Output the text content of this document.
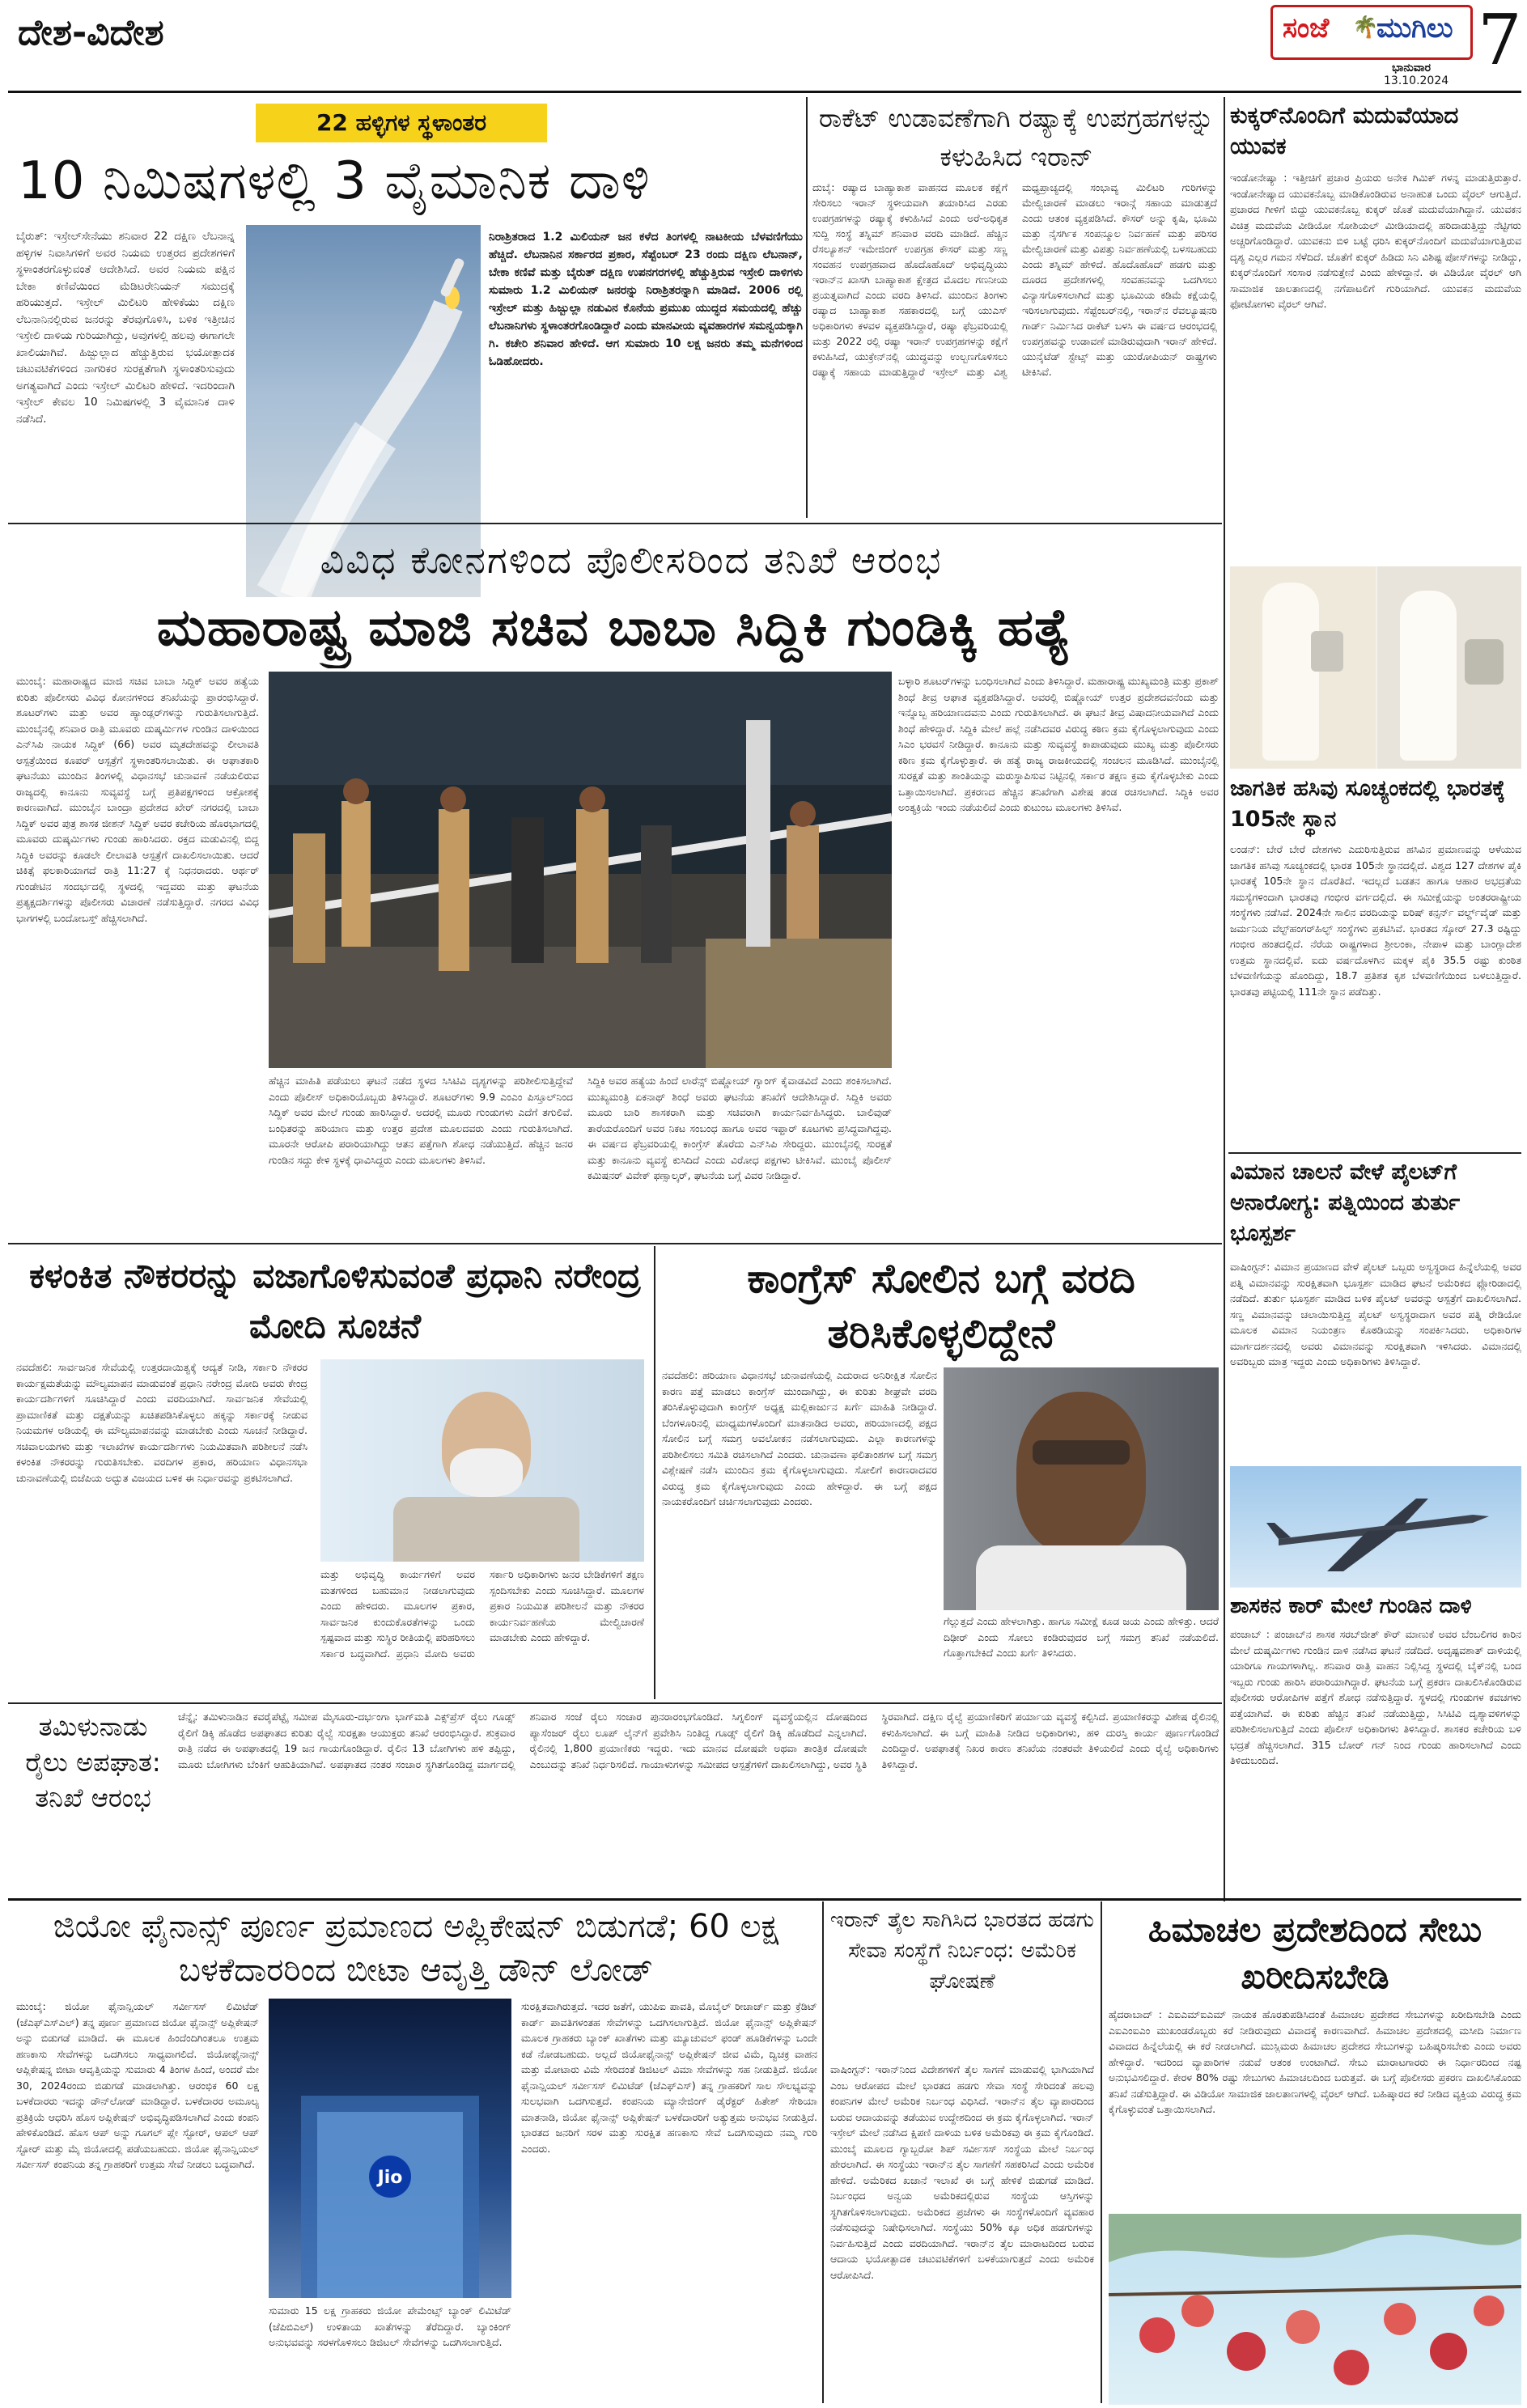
ದೇಶ-ವಿದೇಶ	ಸಂಜೆ 🌴
ಮುಗಿಲು
ಭಾನುವಾರ
13.10.2024 7
22 ಹಳ್ಳಿಗಳ ಸ್ಥಳಾಂತರ
10 ನಿಮಿಷಗಳಲ್ಲಿ 3 ವೈಮಾನಿಕ ದಾಳಿ
ಬೈರುತ್: ಇಸ್ರೇಲ್‌ಸೇನೆಯು ಶನಿವಾರ 22 ದಕ್ಷಿಣ ಲೆಬನಾನ್ನ ಹಳ್ಳಿಗಳ ನಿವಾಸಿಗಳಿಗೆ ಅವರ ನಿಯಮ ಉತ್ತರದ ಪ್ರದೇಶಗಳಿಗೆ ಸ್ಥಳಾಂತರಗೊಳ್ಳುವಂತೆ ಆದೇಶಿಸಿದೆ. ಅವರ ನಿಯಮ ಪಕ್ಷಿನ ಬೇಕಾ ಕಣಿವೆಯಿಂದ ಮೆಡಿಟರೇನಿಯನ್ ಸಮುದ್ರಕ್ಕೆ ಹರಿಯುತ್ತದೆ. ಇಸ್ರೇಲ್ ಮಿಲಿಟರಿ ಹೇಳಿಕೆಯು ದಕ್ಷಿಣ ಲೆಬನಾನಿನಲ್ಲಿರುವ ಜನರನ್ನು ತೆರವುಗೊಳಿಸಿ, ಬಳಿಕ ಇತ್ತೀಚಿನ ಇಸ್ರೇಲಿ ದಾಳಿಯ ಗುರಿಯಾಗಿದ್ದು, ಅವುಗಳಲ್ಲಿ ಹಲವು ಈಗಾಗಲೇ ಖಾಲಿಯಾಗಿವೆ. ಹಿಜ್ಬುಲ್ಲಾದ ಹೆಚ್ಚುತ್ತಿರುವ ಭಯೋತ್ಪಾದಕ ಚಟುವಟಿಕೆಗಳಿಂದ ನಾಗರಿಕರ ಸುರಕ್ಷತೆಗಾಗಿ ಸ್ಥಳಾಂತರಿಸುವುದು ಅಗತ್ಯವಾಗಿದೆ ಎಂದು ಇಸ್ರೇಲ್ ಮಿಲಿಟರಿ ಹೇಳಿದೆ. ಇದರಿಂದಾಗಿ ಇಸ್ರೇಲ್ ಕೇವಲ 10 ನಿಮಿಷಗಳಲ್ಲಿ 3 ವೈಮಾನಿಕ ದಾಳಿ ನಡೆಸಿದೆ.
ನಿರಾಶ್ರಿತರಾದ 1.2 ಮಿಲಿಯನ್ ಜನ ಕಳೆದ ತಿಂಗಳಲ್ಲಿ ನಾಟಕೀಯ ಬೆಳವಣಿಗೆಯು ಹೆಚ್ಚಿದೆ. ಲೆಬನಾನಿನ ಸರ್ಕಾರದ ಪ್ರಕಾರ, ಸೆಪ್ಟೆಂಬರ್ 23 ರಂದು ದಕ್ಷಿಣ ಲೆಬನಾನ್, ಬೇಕಾ ಕಣಿವೆ ಮತ್ತು ಬೈರುತ್ ದಕ್ಷಿಣ ಉಪನಗರಗಳಲ್ಲಿ ಹೆಚ್ಚುತ್ತಿರುವ ಇಸ್ರೇಲಿ ದಾಳಿಗಳು ಸುಮಾರು 1.2 ಮಿಲಿಯನ್ ಜನರನ್ನು ನಿರಾಶ್ರಿತರನ್ನಾಗಿ ಮಾಡಿದೆ. 2006 ರಲ್ಲಿ ಇಸ್ರೇಲ್ ಮತ್ತು ಹಿಜ್ಬುಲ್ಲಾ ನಡುವಿನ ಕೊನೆಯ ಪ್ರಮುಖ ಯುದ್ಧದ ಸಮಯದಲ್ಲಿ ಹೆಚ್ಚು ಲೆಬನಾನಿಗಳು ಸ್ಥಳಾಂತರಗೊಂಡಿದ್ದಾರೆ ಎಂದು ಮಾನವೀಯ ವ್ಯವಹಾರಗಳ ಸಮನ್ವಯಕ್ಕಾಗಿ ಗಿ. ಕಚೇರಿ ಶನಿವಾರ ಹೇಳಿದೆ. ಆಗ ಸುಮಾರು 10 ಲಕ್ಷ ಜನರು ತಮ್ಮ ಮನೆಗಳಿಂದ ಓಡಿಹೋದರು.
ರಾಕೆಟ್ ಉಡಾವಣೆಗಾಗಿ ರಷ್ಯಾಕ್ಕೆ ಉಪಗ್ರಹಗಳನ್ನು ಕಳುಹಿಸಿದ ಇರಾನ್
ದುಬೈ: ರಷ್ಯಾದ ಬಾಹ್ಯಾಕಾಶ ವಾಹನದ ಮೂಲಕ ಕಕ್ಷೆಗೆ ಸೇರಿಸಲು ಇರಾನ್ ಸ್ಥಳೀಯವಾಗಿ ತಯಾರಿಸಿದ ಎರಡು ಉಪಗ್ರಹಗಳನ್ನು ರಷ್ಯಾಕ್ಕೆ ಕಳುಹಿಸಿದೆ ಎಂದು ಅರೆ-ಅಧಿಕೃತ ಸುದ್ದಿ ಸಂಸ್ಥೆ ತಸ್ನಿಮ್ ಶನಿವಾರ ವರದಿ ಮಾಡಿದೆ. ಹೆಚ್ಚಿನ ರೆಸಲ್ಯೂಶನ್ ಇಮೇಜಿಂಗ್ ಉಪಗ್ರಹ ಕೌಸರ್ ಮತ್ತು ಸಣ್ಣ ಸಂವಹನ ಉಪಗ್ರಹವಾದ ಹೊದೊಹೊದ್ ಅಭಿವೃದ್ಧಿಯು ಇರಾನ್‌ನ ಖಾಸಗಿ ಬಾಹ್ಯಾಕಾಶ ಕ್ಷೇತ್ರದ ಮೊದಲ ಗಣನೀಯ ಪ್ರಯತ್ನವಾಗಿದೆ ಎಂದು ವರದಿ ತಿಳಿಸಿದೆ. ಮುಂದಿನ ತಿಂಗಳು ರಷ್ಯಾದ ಬಾಹ್ಯಾಕಾಶ ಸಹಕಾರದಲ್ಲಿ ಬಗ್ಗೆ ಯುಎಸ್ ಅಧಿಕಾರಿಗಳು ಕಳವಳ ವ್ಯಕ್ತಪಡಿಸಿದ್ದಾರೆ, ರಷ್ಯಾ ಫೆಬ್ರವರಿಯಲ್ಲಿ ಮತ್ತು 2022 ರಲ್ಲಿ ರಷ್ಯಾ ಇರಾನ್ ಉಪಗ್ರಹಗಳನ್ನು ಕಕ್ಷೆಗೆ ಕಳುಹಿಸಿದೆ, ಯುಕ್ರೇನ್‌ನಲ್ಲಿ ಯುದ್ಧವನ್ನು ಉಲ್ಬಣಗೊಳಿಸಲು ರಷ್ಯಾಕ್ಕೆ ಸಹಾಯ ಮಾಡುತ್ತಿದ್ದಾರೆ ಇಸ್ರೇಲ್ ಮತ್ತು ವಿಶ್ವ ಮಧ್ಯಪ್ರಾಚ್ಯದಲ್ಲಿ ಸಂಭಾವ್ಯ ಮಿಲಿಟರಿ ಗುರಿಗಳನ್ನು ಮೇಲ್ವಿಚಾರಣೆ ಮಾಡಲು ಇರಾನ್ಗೆ ಸಹಾಯ ಮಾಡುತ್ತದೆ ಎಂದು ಆತಂಕ ವ್ಯಕ್ತಪಡಿಸಿದೆ. ಕೌಸರ್ ಅನ್ನು ಕೃಷಿ, ಭೂಮಿ ಮತ್ತು ನೈಸರ್ಗಿಕ ಸಂಪನ್ಮೂಲ ನಿರ್ವಹಣೆ ಮತ್ತು ಪರಿಸರ ಮೇಲ್ವಿಚಾರಣೆ ಮತ್ತು ವಿಪತ್ತು ನಿರ್ವಹಣೆಯಲ್ಲಿ ಬಳಸಬಹುದು ಎಂದು ತಸ್ನಿಮ್ ಹೇಳಿದೆ. ಹೊದೊಹೊದ್ ಹಡಗು ಮತ್ತು ದೂರದ ಪ್ರದೇಶಗಳಲ್ಲಿ ಸಂವಹನವನ್ನು ಒದಗಿಸಲು ವಿನ್ಯಾಸಗೊಳಿಸಲಾಗಿದೆ ಮತ್ತು ಭೂಮಿಯ ಕಡಿಮೆ ಕಕ್ಷೆಯಲ್ಲಿ ಇರಿಸಲಾಗುವುದು. ಸೆಪ್ಟೆಂಬರ್‌ನಲ್ಲಿ, ಇರಾನ್‌ನ ರೆವಲ್ಯೂಷನರಿ ಗಾರ್ಡ್ ನಿರ್ಮಿಸಿದ ರಾಕೆಟ್ ಬಳಸಿ ಈ ವರ್ಷದ ಆರಂಭದಲ್ಲಿ ಉಪಗ್ರಹವನ್ನು ಉಡಾವಣೆ ಮಾಡಿರುವುದಾಗಿ ಇರಾನ್ ಹೇಳಿದೆ. ಯುನೈಟೆಡ್ ಸ್ಟೇಟ್ಸ್ ಮತ್ತು ಯುರೋಪಿಯನ್ ರಾಷ್ಟ್ರಗಳು ಟೀಕಿಸಿವೆ.
ಕುಕ್ಕರ್‌ನೊಂದಿಗೆ ಮದುವೆಯಾದ ಯುವಕ
ಇಂಡೋನೇಷ್ಯಾ : ಇತ್ತೀಚಿಗೆ ಪ್ರಚಾರ ಪ್ರಿಯರು ಅನೇಕ ಗಿಮಿಕ್ ಗಳನ್ನ ಮಾಡುತ್ತಿರುತ್ತಾರೆ. ಇಂಡೋನೇಷ್ಯಾದ ಯುವಕನೊಬ್ಬ ಮಾಡಿಕೊಂಡಿರುವ ಅನಾಹುತ ಒಂದು ವೈರಲ್ ಆಗುತ್ತಿದೆ. ಪ್ರಚಾರದ ಗೀಳಿಗೆ ಬಿದ್ದು ಯುವಕನೊಬ್ಬ ಕುಕ್ಕರ್ ಜೊತೆ ಮದುವೆಯಾಗಿದ್ದಾನೆ. ಯುವಕನ ವಿಚಿತ್ರ ಮದುವೆಯ ವೀಡಿಯೋ ಸೋಶಿಯಲ್ ಮೀಡಿಯಾದಲ್ಲಿ ಹರಿದಾಡುತ್ತಿದ್ದು ನೆಟ್ಟಿಗರು ಅಚ್ಚರಿಗೊಂಡಿದ್ದಾರೆ. ಯುವಕನು ಬಿಳಿ ಬಟ್ಟೆ ಧರಿಸಿ ಕುಕ್ಕರ್‌ನೊಂದಿಗೆ ಮದುವೆಯಾಗುತ್ತಿರುವ ದೃಶ್ಯ ಎಲ್ಲರ ಗಮನ ಸೆಳೆದಿದೆ. ಜೊತೆಗೆ ಕುಕ್ಕರ್ ಹಿಡಿದು ಸಿನಿ ವಿಶಿಷ್ಟ ಪೋಸ್‌ಗಳನ್ನು ನೀಡಿದ್ದು, ಕುಕ್ಕರ್‌ನೊಂದಿಗೆ ಸಂಸಾರ ನಡೆಸುತ್ತೇನೆ ಎಂದು ಹೇಳಿದ್ದಾನೆ. ಈ ವಿಡಿಯೋ ವೈರಲ್ ಆಗಿ ಸಾಮಾಜಿಕ ಜಾಲತಾಣದಲ್ಲಿ ನಗೆಪಾಟಲಿಗೆ ಗುರಿಯಾಗಿದೆ. ಯುವಕನ ಮದುವೆಯ ಫೋಟೋಗಳು ವೈರಲ್ ಆಗಿವೆ.
ಜಾಗತಿಕ ಹಸಿವು ಸೂಚ್ಯಂಕದಲ್ಲಿ ಭಾರತಕ್ಕೆ 105ನೇ ಸ್ಥಾನ
ಲಂಡನ್: ಬೇರೆ ಬೇರೆ ದೇಶಗಳು ಎದುರಿಸುತ್ತಿರುವ ಹಸಿವಿನ ಪ್ರಮಾಣವನ್ನು ಆಳೆಯುವ ಜಾಗತಿಕ ಹಸಿವು ಸೂಚ್ಯಂಕದಲ್ಲಿ ಭಾರತ 105ನೇ ಸ್ಥಾನದಲ್ಲಿದೆ. ವಿಶ್ವದ 127 ದೇಶಗಳ ಪೈಕಿ ಭಾರತಕ್ಕೆ 105ನೇ ಸ್ಥಾನ ದೊರೆತಿದೆ. ಇದಲ್ಲದೆ ಬಡತನ ಹಾಗೂ ಆಹಾರ ಅಭದ್ರತೆಯ ಸಮಸ್ಯೆಗಳಿಂದಾಗಿ ಭಾರತವು ಗಂಭೀರ ವರ್ಗದಲ್ಲಿದೆ. ಈ ಸಮೀಕ್ಷೆಯನ್ನು ಅಂತರರಾಷ್ಟ್ರೀಯ ಸಂಸ್ಥೆಗಳು ನಡೆಸಿವೆ. 2024ನೇ ಸಾಲಿನ ವರದಿಯನ್ನು ಐರಿಷ್ ಕನ್ಸರ್ನ್ ವರ್ಲ್ಡ್‌ವೈಡ್ ಮತ್ತು ಜರ್ಮನಿಯ ವೆಲ್ಟ್‌ಹಂಗರ್‌ಹಿಲ್ಫ್ ಸಂಸ್ಥೆಗಳು ಪ್ರಕಟಿಸಿವೆ. ಭಾರತದ ಸ್ಕೋರ್ 27.3 ರಷ್ಟಿದ್ದು ಗಂಭೀರ ಹಂತದಲ್ಲಿದೆ. ನೆರೆಯ ರಾಷ್ಟ್ರಗಳಾದ ಶ್ರೀಲಂಕಾ, ನೇಪಾಳ ಮತ್ತು ಬಾಂಗ್ಲಾದೇಶ ಉತ್ತಮ ಸ್ಥಾನದಲ್ಲಿವೆ. ಐದು ವರ್ಷದೊಳಗಿನ ಮಕ್ಕಳ ಪೈಕಿ 35.5 ರಷ್ಟು ಕುಂಠಿತ ಬೆಳವಣಿಗೆಯನ್ನು ಹೊಂದಿದ್ದು, 18.7 ಪ್ರತಿಶತ ಕೃಶ ಬೆಳವಣಿಗೆಯಿಂದ ಬಳಲುತ್ತಿದ್ದಾರೆ. ಭಾರತವು ಪಟ್ಟಿಯಲ್ಲಿ 111ನೇ ಸ್ಥಾನ ಪಡೆದಿತ್ತು.
ವಿಮಾನ ಚಾಲನೆ ವೇಳೆ ಪೈಲಟ್‌ಗೆ ಅನಾರೋಗ್ಯ: ಪತ್ನಿಯಿಂದ ತುರ್ತು ಭೂಸ್ಪರ್ಶ
ವಾಷಿಂಗ್ಟನ್: ವಿಮಾನ ಪ್ರಯಾಣದ ವೇಳೆ ಪೈಲಟ್ ಒಬ್ಬರು ಅಸ್ವಸ್ಥರಾದ ಹಿನ್ನೆಲೆಯಲ್ಲಿ ಅವರ ಪತ್ನಿ ವಿಮಾನವನ್ನು ಸುರಕ್ಷಿತವಾಗಿ ಭೂಸ್ಪರ್ಶ ಮಾಡಿದ ಘಟನೆ ಅಮೆರಿಕದ ಫ್ಲೋರಿಡಾದಲ್ಲಿ ನಡೆದಿದೆ. ತುರ್ತು ಭೂಸ್ಪರ್ಶ ಮಾಡಿದ ಬಳಿಕ ಪೈಲಟ್ ಅವರನ್ನು ಆಸ್ಪತ್ರೆಗೆ ದಾಖಲಿಸಲಾಗಿದೆ. ಸಣ್ಣ ವಿಮಾನವನ್ನು ಚಲಾಯಿಸುತ್ತಿದ್ದ ಪೈಲಟ್ ಅಸ್ವಸ್ಥರಾದಾಗ ಅವರ ಪತ್ನಿ ರೇಡಿಯೋ ಮೂಲಕ ವಿಮಾನ ನಿಯಂತ್ರಣ ಕೊಠಡಿಯನ್ನು ಸಂಪರ್ಕಿಸಿದರು. ಅಧಿಕಾರಿಗಳ ಮಾರ್ಗದರ್ಶನದಲ್ಲಿ ಅವರು ವಿಮಾನವನ್ನು ಸುರಕ್ಷಿತವಾಗಿ ಇಳಿಸಿದರು. ವಿಮಾನದಲ್ಲಿ ಅವರಿಬ್ಬರು ಮಾತ್ರ ಇದ್ದರು ಎಂದು ಅಧಿಕಾರಿಗಳು ತಿಳಿಸಿದ್ದಾರೆ.
ಶಾಸಕನ ಕಾರ್ ಮೇಲೆ ಗುಂಡಿನ ದಾಳಿ
ಪಂಜಾಬ್ : ಪಂಜಾಬ್‌ನ ಶಾಸಕ ಸರಬ್‌ಜೀತ್ ಕೌರ್ ಮಾಣುಕೆ ಅವರ ಬೆಂಬಲಿಗರ ಕಾರಿನ ಮೇಲೆ ದುಷ್ಕರ್ಮಿಗಳು ಗುಂಡಿನ ದಾಳಿ ನಡೆಸಿದ ಘಟನೆ ನಡೆದಿದೆ. ಅದೃಷ್ಟವಶಾತ್ ದಾಳಿಯಲ್ಲಿ ಯಾರಿಗೂ ಗಾಯಗಳಾಗಿಲ್ಲ. ಶನಿವಾರ ರಾತ್ರಿ ವಾಹನ ನಿಲ್ಲಿಸಿದ್ದ ಸ್ಥಳದಲ್ಲಿ ಬೈಕ್‌ನಲ್ಲಿ ಬಂದ ಇಬ್ಬರು ಗುಂಡು ಹಾರಿಸಿ ಪರಾರಿಯಾಗಿದ್ದಾರೆ. ಘಟನೆಯ ಬಗ್ಗೆ ಪ್ರಕರಣ ದಾಖಲಿಸಿಕೊಂಡಿರುವ ಪೊಲೀಸರು ಆರೋಪಿಗಳ ಪತ್ತೆಗೆ ಶೋಧ ನಡೆಸುತ್ತಿದ್ದಾರೆ. ಸ್ಥಳದಲ್ಲಿ ಗುಂಡುಗಳ ಕವಚಗಳು ಪತ್ತೆಯಾಗಿವೆ. ಈ ಕುರಿತು ಹೆಚ್ಚಿನ ತನಿಖೆ ನಡೆಯುತ್ತಿದ್ದು, ಸಿಸಿಟಿವಿ ದೃಶ್ಯಾವಳಿಗಳನ್ನು ಪರಿಶೀಲಿಸಲಾಗುತ್ತಿದೆ ಎಂದು ಪೊಲೀಸ್ ಅಧಿಕಾರಿಗಳು ತಿಳಿಸಿದ್ದಾರೆ. ಶಾಸಕರ ಕಚೇರಿಯ ಬಳಿ ಭದ್ರತೆ ಹೆಚ್ಚಿಸಲಾಗಿದೆ. 315 ಬೋರ್ ಗನ್ ನಿಂದ ಗುಂಡು ಹಾರಿಸಲಾಗಿದೆ ಎಂದು ತಿಳಿದುಬಂದಿದೆ.
ವಿವಿಧ ಕೋನಗಳಿಂದ ಪೊಲೀಸರಿಂದ ತನಿಖೆ ಆರಂಭ
ಮಹಾರಾಷ್ಟ್ರ ಮಾಜಿ ಸಚಿವ ಬಾಬಾ ಸಿದ್ದಿಕಿ ಗುಂಡಿಕ್ಕಿ ಹತ್ಯೆ
ಮುಂಬೈ: ಮಹಾರಾಷ್ಟ್ರದ ಮಾಜಿ ಸಚಿವ ಬಾಬಾ ಸಿದ್ದಿಕ್ ಅವರ ಹತ್ಯೆಯ ಕುರಿತು ಪೊಲೀಸರು ವಿವಿಧ ಕೋನಗಳಿಂದ ತನಿಖೆಯನ್ನು ಪ್ರಾರಂಭಿಸಿದ್ದಾರೆ. ಶೂಟರ್‌ಗಳು ಮತ್ತು ಅವರ ಹ್ಯಾಂಡ್ಲರ್‌ಗಳನ್ನು ಗುರುತಿಸಲಾಗುತ್ತಿದೆ. ಮುಂಬೈನಲ್ಲಿ ಶನಿವಾರ ರಾತ್ರಿ ಮೂವರು ದುಷ್ಕರ್ಮಿಗಳ ಗುಂಡಿನ ದಾಳಿಯಿಂದ ಎನ್‌ಸಿಪಿ ನಾಯಕ ಸಿದ್ದಿಕ್ (66) ಅವರ ಮೃತದೇಹವನ್ನು ಲೀಲಾವತಿ ಆಸ್ಪತ್ರೆಯಿಂದ ಕೂಪರ್ ಆಸ್ಪತ್ರೆಗೆ ಸ್ಥಳಾಂತರಿಸಲಾಯಿತು. ಈ ಆಘಾತಕಾರಿ ಘಟನೆಯು ಮುಂದಿನ ತಿಂಗಳಲ್ಲಿ ವಿಧಾನಸಭೆ ಚುನಾವಣೆ ನಡೆಯಲಿರುವ ರಾಜ್ಯದಲ್ಲಿ ಕಾನೂನು ಸುವ್ಯವಸ್ಥೆ ಬಗ್ಗೆ ಪ್ರತಿಪಕ್ಷಗಳಿಂದ ಆಕ್ರೋಶಕ್ಕೆ ಕಾರಣವಾಗಿದೆ. ಮುಂಬೈನ ಬಾಂದ್ರಾ ಪ್ರದೇಶದ ಖೇರ್ ನಗರದಲ್ಲಿ ಬಾಬಾ ಸಿದ್ದಿಕ್ ಅವರ ಪುತ್ರ ಶಾಸಕ ಜೀಶನ್ ಸಿದ್ದಿಕ್ ಅವರ ಕಚೇರಿಯ ಹೊರಭಾಗದಲ್ಲಿ ಮೂವರು ದುಷ್ಕರ್ಮಿಗಳು ಗುಂಡು ಹಾರಿಸಿದರು. ರಕ್ತದ ಮಡುವಿನಲ್ಲಿ ಬಿದ್ದ ಸಿದ್ದಿಕಿ ಅವರನ್ನು ಕೂಡಲೇ ಲೀಲಾವತಿ ಆಸ್ಪತ್ರೆಗೆ ದಾಖಲಿಸಲಾಯಿತು. ಆದರೆ ಚಿಕಿತ್ಸೆ ಫಲಕಾರಿಯಾಗದೆ ರಾತ್ರಿ 11:27 ಕ್ಕೆ ನಿಧನರಾದರು. ಆರ್ಥರ್ ಗುಂಡೇಟಿನ ಸಂದರ್ಭದಲ್ಲಿ ಸ್ಥಳದಲ್ಲಿ ಇದ್ದವರು ಮತ್ತು ಘಟನೆಯ ಪ್ರತ್ಯಕ್ಷದರ್ಶಿಗಳನ್ನು ಪೊಲೀಸರು ವಿಚಾರಣೆ ನಡೆಸುತ್ತಿದ್ದಾರೆ. ನಗರದ ವಿವಿಧ ಭಾಗಗಳಲ್ಲಿ ಬಂದೋಬಸ್ತ್ ಹೆಚ್ಚಿಸಲಾಗಿದೆ.
ಹೆಚ್ಚಿನ ಮಾಹಿತಿ ಪಡೆಯಲು ಘಟನೆ ನಡೆದ ಸ್ಥಳದ ಸಿಸಿಟಿವಿ ದೃಶ್ಯಗಳನ್ನು ಪರಿಶೀಲಿಸುತ್ತಿದ್ದೇವೆ ಎಂದು ಪೊಲೀಸ್ ಅಧಿಕಾರಿಯೊಬ್ಬರು ತಿಳಿಸಿದ್ದಾರೆ. ಶೂಟರ್‌ಗಳು 9.9 ಎಂಎಂ ಪಿಸ್ತೂಲ್‌ನಿಂದ ಸಿದ್ದಿಕ್ ಅವರ ಮೇಲೆ ಗುಂಡು ಹಾರಿಸಿದ್ದಾರೆ. ಅದರಲ್ಲಿ ಮೂರು ಗುಂಡುಗಳು ಎದೆಗೆ ತಗುಲಿವೆ. ಬಂಧಿತರನ್ನು ಹರಿಯಾಣ ಮತ್ತು ಉತ್ತರ ಪ್ರದೇಶ ಮೂಲದವರು ಎಂದು ಗುರುತಿಸಲಾಗಿದೆ. ಮೂರನೇ ಆರೋಪಿ ಪರಾರಿಯಾಗಿದ್ದು ಆತನ ಪತ್ತೆಗಾಗಿ ಶೋಧ ನಡೆಯುತ್ತಿದೆ. ಹೆಚ್ಚಿನ ಜನರ ಗುಂಡಿನ ಸದ್ದು ಕೇಳಿ ಸ್ಥಳಕ್ಕೆ ಧಾವಿಸಿದ್ದರು ಎಂದು ಮೂಲಗಳು ತಿಳಿಸಿವೆ.
ಸಿದ್ದಿಕಿ ಅವರ ಹತ್ಯೆಯ ಹಿಂದೆ ಲಾರೆನ್ಸ್ ಬಿಷ್ಣೋಯ್ ಗ್ಯಾಂಗ್ ಕೈವಾಡವಿದೆ ಎಂದು ಶಂಕಿಸಲಾಗಿದೆ. ಮುಖ್ಯಮಂತ್ರಿ ಏಕನಾಥ್ ಶಿಂಧೆ ಅವರು ಘಟನೆಯ ತನಿಖೆಗೆ ಆದೇಶಿಸಿದ್ದಾರೆ. ಸಿದ್ದಿಕಿ ಅವರು ಮೂರು ಬಾರಿ ಶಾಸಕರಾಗಿ ಮತ್ತು ಸಚಿವರಾಗಿ ಕಾರ್ಯನಿರ್ವಹಿಸಿದ್ದರು. ಬಾಲಿವುಡ್ ತಾರೆಯರೊಂದಿಗೆ ಅವರ ನಿಕಟ ಸಂಬಂಧ ಹಾಗೂ ಅವರ ಇಫ್ತಾರ್ ಕೂಟಗಳು ಪ್ರಸಿದ್ಧವಾಗಿದ್ದವು. ಈ ವರ್ಷದ ಫೆಬ್ರವರಿಯಲ್ಲಿ ಕಾಂಗ್ರೆಸ್ ತೊರೆದು ಎನ್‌ಸಿಪಿ ಸೇರಿದ್ದರು. ಮುಂಬೈನಲ್ಲಿ ಸುರಕ್ಷತೆ ಮತ್ತು ಕಾನೂನು ವ್ಯವಸ್ಥೆ ಕುಸಿದಿದೆ ಎಂದು ವಿರೋಧ ಪಕ್ಷಗಳು ಟೀಕಿಸಿವೆ. ಮುಂಬೈ ಪೊಲೀಸ್ ಕಮಿಷನರ್ ವಿವೇಕ್ ಫಣ್ಸಾಲ್ಕರ್, ಘಟನೆಯ ಬಗ್ಗೆ ವಿವರ ನೀಡಿದ್ದಾರೆ.
ಬಳ್ಳಾರಿ ಶೂಟರ್‌ಗಳನ್ನು ಬಂಧಿಸಲಾಗಿದೆ ಎಂದು ತಿಳಿಸಿದ್ದಾರೆ. ಮಹಾರಾಷ್ಟ್ರ ಮುಖ್ಯಮಂತ್ರಿ ಮತ್ತು ಪ್ರಕಾಶ್ ಶಿಂಧೆ ತೀವ್ರ ಆಘಾತ ವ್ಯಕ್ತಪಡಿಸಿದ್ದಾರೆ. ಅವರಲ್ಲಿ ಬಿಷ್ಣೋಯ್ ಉತ್ತರ ಪ್ರದೇಶದವನೆಂದು ಮತ್ತು ಇನ್ನೊಬ್ಬ ಹರಿಯಾಣದವನು ಎಂದು ಗುರುತಿಸಲಾಗಿದೆ. ಈ ಘಟನೆ ತೀವ್ರ ವಿಷಾದನೀಯವಾಗಿದೆ ಎಂದು ಶಿಂಧೆ ಹೇಳಿದ್ದಾರೆ. ಸಿದ್ದಿಕಿ ಮೇಲೆ ಹಲ್ಲೆ ನಡೆಸಿದವರ ವಿರುದ್ಧ ಕಠಿಣ ಕ್ರಮ ಕೈಗೊಳ್ಳಲಾಗುವುದು ಎಂದು ಸಿಎಂ ಭರವಸೆ ನೀಡಿದ್ದಾರೆ. ಕಾನೂನು ಮತ್ತು ಸುವ್ಯವಸ್ಥೆ ಕಾಪಾಡುವುದು ಮುಖ್ಯ ಮತ್ತು ಪೊಲೀಸರು ಕಠಿಣ ಕ್ರಮ ಕೈಗೊಳ್ಳುತ್ತಾರೆ. ಈ ಹತ್ಯೆ ರಾಜ್ಯ ರಾಜಕೀಯದಲ್ಲಿ ಸಂಚಲನ ಮೂಡಿಸಿದೆ. ಮುಂಬೈನಲ್ಲಿ ಸುರಕ್ಷತೆ ಮತ್ತು ಶಾಂತಿಯನ್ನು ಮರುಸ್ಥಾಪಿಸುವ ನಿಟ್ಟಿನಲ್ಲಿ ಸರ್ಕಾರ ತಕ್ಷಣ ಕ್ರಮ ಕೈಗೊಳ್ಳಬೇಕು ಎಂದು ಒತ್ತಾಯಿಸಲಾಗಿದೆ. ಪ್ರಕರಣದ ಹೆಚ್ಚಿನ ತನಿಖೆಗಾಗಿ ವಿಶೇಷ ತಂಡ ರಚಿಸಲಾಗಿದೆ. ಸಿದ್ದಿಕಿ ಅವರ ಅಂತ್ಯಕ್ರಿಯೆ ಇಂದು ನಡೆಯಲಿದೆ ಎಂದು ಕುಟುಂಬ ಮೂಲಗಳು ತಿಳಿಸಿವೆ.
ಕಳಂಕಿತ ನೌಕರರನ್ನು ವಜಾಗೊಳಿಸುವಂತೆ ಪ್ರಧಾನಿ ನರೇಂದ್ರ ಮೋದಿ ಸೂಚನೆ
ನವದೆಹಲಿ: ಸಾರ್ವಜನಿಕ ಸೇವೆಯಲ್ಲಿ ಉತ್ತರದಾಯಿತ್ವಕ್ಕೆ ಆದ್ಯತೆ ನೀಡಿ, ಸರ್ಕಾರಿ ನೌಕರರ ಕಾರ್ಯಕ್ಷಮತೆಯನ್ನು ಮೌಲ್ಯಮಾಪನ ಮಾಡುವಂತೆ ಪ್ರಧಾನಿ ನರೇಂದ್ರ ಮೋದಿ ಅವರು ಕೇಂದ್ರ ಕಾರ್ಯದರ್ಶಿಗಳಿಗೆ ಸೂಚಿಸಿದ್ದಾರೆ ಎಂದು ವರದಿಯಾಗಿದೆ. ಸಾರ್ವಜನಿಕ ಸೇವೆಯಲ್ಲಿ ಪ್ರಾಮಾಣಿಕತೆ ಮತ್ತು ದಕ್ಷತೆಯನ್ನು ಖಚಿತಪಡಿಸಿಕೊಳ್ಳಲು ಹಕ್ಕನ್ನು ಸರ್ಕಾರಕ್ಕೆ ನೀಡುವ ನಿಯಮಗಳ ಅಡಿಯಲ್ಲಿ ಈ ಮೌಲ್ಯಮಾಪನವನ್ನು ಮಾಡಬೇಕು ಎಂದು ಸೂಚನೆ ನೀಡಿದ್ದಾರೆ. ಸಚಿವಾಲಯಗಳು ಮತ್ತು ಇಲಾಖೆಗಳ ಕಾರ್ಯದರ್ಶಿಗಳು ನಿಯಮಿತವಾಗಿ ಪರಿಶೀಲನೆ ನಡೆಸಿ ಕಳಂಕಿತ ನೌಕರರನ್ನು ಗುರುತಿಸಬೇಕು. ವರದಿಗಳ ಪ್ರಕಾರ, ಹರಿಯಾಣ ವಿಧಾನಸಭಾ ಚುನಾವಣೆಯಲ್ಲಿ ಬಿಜೆಪಿಯ ಅದ್ಭುತ ವಿಜಯದ ಬಳಿಕ ಈ ನಿರ್ಧಾರವನ್ನು ಪ್ರಕಟಿಸಲಾಗಿದೆ.
ಮತ್ತು ಅಭಿವೃದ್ಧಿ ಕಾರ್ಯಗಳಿಗೆ ಅವರ ಮತಗಳಿಂದ ಬಹುಮಾನ ನೀಡಲಾಗುವುದು ಎಂದು ಹೇಳಿದರು. ಮೂಲಗಳ ಪ್ರಕಾರ, ಸಾರ್ವಜನಿಕ ಕುಂದುಕೊರತೆಗಳನ್ನು ಒಂದು ಸ್ಪಷ್ಟವಾದ ಮತ್ತು ಸುಸ್ಥಿರ ರೀತಿಯಲ್ಲಿ ಪರಿಹರಿಸಲು ಸರ್ಕಾರ ಬದ್ಧವಾಗಿದೆ. ಪ್ರಧಾನಿ ಮೋದಿ ಅವರು ಸರ್ಕಾರಿ ಅಧಿಕಾರಿಗಳು ಜನರ ಬೇಡಿಕೆಗಳಿಗೆ ತಕ್ಷಣ ಸ್ಪಂದಿಸಬೇಕು ಎಂದು ಸೂಚಿಸಿದ್ದಾರೆ. ಮೂಲಗಳ ಪ್ರಕಾರ ನಿಯಮಿತ ಪರಿಶೀಲನೆ ಮತ್ತು ನೌಕರರ ಕಾರ್ಯನಿರ್ವಹಣೆಯ ಮೇಲ್ವಿಚಾರಣೆ ಮಾಡಬೇಕು ಎಂದು ಹೇಳಿದ್ದಾರೆ.
ಕಾಂಗ್ರೆಸ್ ಸೋಲಿನ ಬಗ್ಗೆ ವರದಿ ತರಿಸಿಕೊಳ್ಳಲಿದ್ದೇನೆ
ನವದೆಹಲಿ: ಹರಿಯಾಣ ವಿಧಾನಸಭೆ ಚುನಾವಣೆಯಲ್ಲಿ ಎದುರಾದ ಅನಿರೀಕ್ಷಿತ ಸೋಲಿನ ಕಾರಣ ಪತ್ತೆ ಮಾಡಲು ಕಾಂಗ್ರೆಸ್ ಮುಂದಾಗಿದ್ದು, ಈ ಕುರಿತು ಶೀಘ್ರವೇ ವರದಿ ತರಿಸಿಕೊಳ್ಳುವುದಾಗಿ ಕಾಂಗ್ರೆಸ್ ಅಧ್ಯಕ್ಷ ಮಲ್ಲಿಕಾರ್ಜುನ ಖರ್ಗೆ ಮಾಹಿತಿ ನೀಡಿದ್ದಾರೆ. ಬೆಂಗಳೂರಿನಲ್ಲಿ ಮಾಧ್ಯಮಗಳೊಂದಿಗೆ ಮಾತನಾಡಿದ ಅವರು, ಹರಿಯಾಣದಲ್ಲಿ ಪಕ್ಷದ ಸೋಲಿನ ಬಗ್ಗೆ ಸಮಗ್ರ ಅವಲೋಕನ ನಡೆಸಲಾಗುವುದು. ಎಲ್ಲಾ ಕಾರಣಗಳನ್ನು ಪರಿಶೀಲಿಸಲು ಸಮಿತಿ ರಚಿಸಲಾಗಿದೆ ಎಂದರು. ಚುನಾವಣಾ ಫಲಿತಾಂಶಗಳ ಬಗ್ಗೆ ಸಮಗ್ರ ವಿಶ್ಲೇಷಣೆ ನಡೆಸಿ ಮುಂದಿನ ಕ್ರಮ ಕೈಗೊಳ್ಳಲಾಗುವುದು. ಸೋಲಿಗೆ ಕಾರಣರಾದವರ ವಿರುದ್ಧ ಕ್ರಮ ಕೈಗೊಳ್ಳಲಾಗುವುದು ಎಂದು ಹೇಳಿದ್ದಾರೆ. ಈ ಬಗ್ಗೆ ಪಕ್ಷದ ನಾಯಕರೊಂದಿಗೆ ಚರ್ಚಿಸಲಾಗುವುದು ಎಂದರು.
ಗೆಲ್ಲುತ್ತದೆ ಎಂದು ಹೇಳಲಾಗಿತ್ತು. ಹಾಗೂ ಸಮೀಕ್ಷೆ ಕೂಡ ಜಯ ಎಂದು ಹೇಳಿತ್ತು. ಆದರೆ ದಿಢೀರ್ ಎಂದು ಸೋಲು ಕಂಡಿರುವುದರ ಬಗ್ಗೆ ಸಮಗ್ರ ತನಿಖೆ ನಡೆಯಲಿದೆ. ಗೊತ್ತಾಗಬೇಕಿದೆ ಎಂದು ಖರ್ಗೆ ತಿಳಿಸಿದರು.
ತಮಿಳುನಾಡು ರೈಲು ಅಪಘಾತ: ತನಿಖೆ ಆರಂಭ
ಚೆನ್ನೈ: ತಮಿಳುನಾಡಿನ ಕವರೈಪೆಟ್ಟೈ ಸಮೀಪ ಮೈಸೂರು-ದರ್ಭಂಗಾ ಭಾಗ್‌ಮತಿ ಎಕ್ಸ್‌ಪ್ರೆಸ್ ರೈಲು ಗೂಡ್ಸ್ ರೈಲಿಗೆ ಡಿಕ್ಕಿ ಹೊಡೆದ ಅಪಘಾತದ ಕುರಿತು ರೈಲ್ವೆ ಸುರಕ್ಷತಾ ಆಯುಕ್ತರು ತನಿಖೆ ಆರಂಭಿಸಿದ್ದಾರೆ. ಶುಕ್ರವಾರ ರಾತ್ರಿ ನಡೆದ ಈ ಅಪಘಾತದಲ್ಲಿ 19 ಜನ ಗಾಯಗೊಂಡಿದ್ದಾರೆ. ರೈಲಿನ 13 ಬೋಗಿಗಳು ಹಳಿ ತಪ್ಪಿದ್ದು, ಮೂರು ಬೋಗಿಗಳು ಬೆಂಕಿಗೆ ಆಹುತಿಯಾಗಿವೆ. ಅಪಘಾತದ ನಂತರ ಸಂಚಾರ ಸ್ಥಗಿತಗೊಂಡಿದ್ದ ಮಾರ್ಗದಲ್ಲಿ ಶನಿವಾರ ಸಂಜೆ ರೈಲು ಸಂಚಾರ ಪುನರಾರಂಭಗೊಂಡಿದೆ. ಸಿಗ್ನಲಿಂಗ್ ವ್ಯವಸ್ಥೆಯಲ್ಲಿನ ದೋಷದಿಂದ ಪ್ಯಾಸೆಂಜರ್ ರೈಲು ಲೂಪ್ ಲೈನ್‌ಗೆ ಪ್ರವೇಶಿಸಿ ನಿಂತಿದ್ದ ಗೂಡ್ಸ್ ರೈಲಿಗೆ ಡಿಕ್ಕಿ ಹೊಡೆದಿದೆ ಎನ್ನಲಾಗಿದೆ. ರೈಲಿನಲ್ಲಿ 1,800 ಪ್ರಯಾಣಿಕರು ಇದ್ದರು. ಇದು ಮಾನವ ದೋಷವೇ ಅಥವಾ ತಾಂತ್ರಿಕ ದೋಷವೇ ಎಂಬುದನ್ನು ತನಿಖೆ ನಿರ್ಧರಿಸಲಿದೆ. ಗಾಯಾಳುಗಳನ್ನು ಸಮೀಪದ ಆಸ್ಪತ್ರೆಗಳಿಗೆ ದಾಖಲಿಸಲಾಗಿದ್ದು, ಅವರ ಸ್ಥಿತಿ ಸ್ಥಿರವಾಗಿದೆ. ದಕ್ಷಿಣ ರೈಲ್ವೆ ಪ್ರಯಾಣಿಕರಿಗೆ ಪರ್ಯಾಯ ವ್ಯವಸ್ಥೆ ಕಲ್ಪಿಸಿದೆ. ಪ್ರಯಾಣಿಕರನ್ನು ವಿಶೇಷ ರೈಲಿನಲ್ಲಿ ಕಳುಹಿಸಲಾಗಿದೆ. ಈ ಬಗ್ಗೆ ಮಾಹಿತಿ ನೀಡಿದ ಅಧಿಕಾರಿಗಳು, ಹಳಿ ದುರಸ್ತಿ ಕಾರ್ಯ ಪೂರ್ಣಗೊಂಡಿದೆ ಎಂದಿದ್ದಾರೆ. ಅಪಘಾತಕ್ಕೆ ನಿಖರ ಕಾರಣ ತನಿಖೆಯ ನಂತರವೇ ತಿಳಿಯಲಿದೆ ಎಂದು ರೈಲ್ವೆ ಅಧಿಕಾರಿಗಳು ತಿಳಿಸಿದ್ದಾರೆ.
ಜಿಯೋ ಫೈನಾನ್ಸ್ ಪೂರ್ಣ ಪ್ರಮಾಣದ ಅಪ್ಲಿಕೇಷನ್ ಬಿಡುಗಡೆ; 60 ಲಕ್ಷ ಬಳಕೆದಾರರಿಂದ ಬೀಟಾ ಆವೃತ್ತಿ ಡೌನ್ ಲೋಡ್
ಮುಂಬೈ: ಜಿಯೋ ಫೈನಾನ್ಷಿಯಲ್ ಸರ್ವೀಸಸ್ ಲಿಮಿಟೆಡ್ (ಜೆಎಫ್‌ಎಸ್‌ಎಲ್) ತನ್ನ ಪೂರ್ಣ ಪ್ರಮಾಣದ ಜಿಯೋ ಫೈನಾನ್ಸ್ ಅಪ್ಲಿಕೇಷನ್ ಅನ್ನು ಬಿಡುಗಡೆ ಮಾಡಿದೆ. ಈ ಮೂಲಕ ಹಿಂದೆಂದಿಗಿಂತಲೂ ಉತ್ತಮ ಹಣಕಾಸು ಸೇವೆಗಳನ್ನು ಒದಗಿಸಲು ಸಾಧ್ಯವಾಗಲಿದೆ. ಜಿಯೋಫೈನಾನ್ಸ್ ಆಪ್ಲಿಕೇಷನ್ನ ಬೀಟಾ ಆವೃತ್ತಿಯನ್ನು ಸುಮಾರು 4 ತಿಂಗಳ ಹಿಂದೆ, ಅಂದರೆ ಮೇ 30, 2024ರಂದು ಬಿಡುಗಡೆ ಮಾಡಲಾಗಿತ್ತು. ಆರಂಭಿಕ 60 ಲಕ್ಷ ಬಳಕೆದಾರರು ಇದನ್ನು ಡೌನ್‌ಲೋಡ್ ಮಾಡಿದ್ದಾರೆ. ಬಳಕೆದಾರರ ಅಮೂಲ್ಯ ಪ್ರತಿಕ್ರಿಯೆ ಆಧರಿಸಿ ಹೊಸ ಅಪ್ಲಿಕೇಷನ್ ಅಭಿವೃದ್ಧಿಪಡಿಸಲಾಗಿದೆ ಎಂದು ಕಂಪನಿ ಹೇಳಿಕೊಂಡಿದೆ. ಹೊಸ ಆಪ್ ಅನ್ನು ಗೂಗಲ್ ಪ್ಲೇ ಸ್ಟೋರ್, ಆಪಲ್ ಆಪ್ ಸ್ಟೋರ್ ಮತ್ತು ಮೈ ಜಿಯೋದಲ್ಲಿ ಪಡೆಯಬಹುದು. ಜಿಯೋ ಫೈನಾನ್ಷಿಯಲ್ ಸರ್ವೀಸಸ್ ಕಂಪನಿಯ ತನ್ನ ಗ್ರಾಹಕರಿಗೆ ಉತ್ತಮ ಸೇವೆ ನೀಡಲು ಬದ್ಧವಾಗಿದೆ.
Jio
ಸುಮಾರು 15 ಲಕ್ಷ ಗ್ರಾಹಕರು ಜಿಯೋ ಪೇಮೆಂಟ್ಸ್ ಬ್ಯಾಂಕ್ ಲಿಮಿಟೆಡ್ (ಜೆಪಿಬಿಎಲ್) ಉಳಿತಾಯ ಖಾತೆಗಳನ್ನು ತೆರೆದಿದ್ದಾರೆ. ಬ್ಯಾಂಕಿಂಗ್ ಅನುಭವವನ್ನು ಸರಳಗೊಳಿಸಲು ಡಿಜಿಟಲ್ ಸೇವೆಗಳನ್ನು ಒದಗಿಸಲಾಗುತ್ತಿದೆ.
ಸುರಕ್ಷಿತವಾಗಿರುತ್ತದೆ. ಇದರ ಜತೆಗೆ, ಯುಪಿಐ ಪಾವತಿ, ಮೊಬೈಲ್ ರೀಚಾರ್ಜ್ ಮತ್ತು ಕ್ರೆಡಿಟ್ ಕಾರ್ಡ್ ಪಾವತಿಗಳಂತಹ ಸೇವೆಗಳನ್ನು ಒದಗಿಸಲಾಗುತ್ತಿದೆ. ಜಿಯೋ ಫೈನಾನ್ಸ್ ಅಪ್ಲಿಕೇಷನ್ ಮೂಲಕ ಗ್ರಾಹಕರು ಬ್ಯಾಂಕ್ ಖಾತೆಗಳು ಮತ್ತು ಮ್ಯೂಚುವಲ್ ಫಂಡ್ ಹೂಡಿಕೆಗಳನ್ನು ಒಂದೇ ಕಡೆ ನೋಡಬಹುದು. ಅಲ್ಲದೆ ಜಿಯೋಫೈನಾನ್ಸ್ ಅಪ್ಲಿಕೇಷನ್ ಜೀವ ವಿಮೆ, ದ್ವಿಚಕ್ರ ವಾಹನ ಮತ್ತು ಮೋಟಾರು ವಿಮೆ ಸೇರಿದಂತೆ ಡಿಜಿಟಲ್ ವಿಮಾ ಸೇವೆಗಳನ್ನು ಸಹ ನೀಡುತ್ತಿದೆ. ಜಿಯೋ ಫೈನಾನ್ಷಿಯಲ್ ಸರ್ವೀಸಸ್ ಲಿಮಿಟೆಡ್ (ಜೆಎಫ್ಎಸ್) ತನ್ನ ಗ್ರಾಹಕರಿಗೆ ಸಾಲ ಸೌಲಭ್ಯವನ್ನು ಸುಲಭವಾಗಿ ಒದಗಿಸುತ್ತದೆ. ಕಂಪನಿಯ ಮ್ಯಾನೇಜಿಂಗ್ ಡೈರೆಕ್ಟರ್ ಹಿತೇಶ್ ಸೇಠಿಯಾ ಮಾತನಾಡಿ, ಜಿಯೋ ಫೈನಾನ್ಸ್ ಅಪ್ಲಿಕೇಷನ್ ಬಳಕೆದಾರರಿಗೆ ಅತ್ಯುತ್ತಮ ಅನುಭವ ನೀಡುತ್ತಿದೆ. ಭಾರತದ ಜನರಿಗೆ ಸರಳ ಮತ್ತು ಸುರಕ್ಷಿತ ಹಣಕಾಸು ಸೇವೆ ಒದಗಿಸುವುದು ನಮ್ಮ ಗುರಿ ಎಂದರು.
ಇರಾನ್ ತೈಲ ಸಾಗಿಸಿದ ಭಾರತದ ಹಡಗು ಸೇವಾ ಸಂಸ್ಥೆಗೆ ನಿರ್ಬಂಧ: ಅಮೆರಿಕ ಘೋಷಣೆ
ವಾಷಿಂಗ್ಟನ್: ಇರಾನ್‌ನಿಂದ ವಿದೇಶಗಳಿಗೆ ತೈಲ ಸಾಗಣೆ ಮಾಡುವಲ್ಲಿ ಭಾಗಿಯಾಗಿದೆ ಎಂಬ ಆರೋಪದ ಮೇಲೆ ಭಾರತದ ಹಡಗು ಸೇವಾ ಸಂಸ್ಥೆ ಸೇರಿದಂತೆ ಹಲವು ಕಂಪನಿಗಳ ಮೇಲೆ ಅಮೆರಿಕ ನಿರ್ಬಂಧ ವಿಧಿಸಿದೆ. ಇರಾನ್‌ನ ತೈಲ ವ್ಯಾಪಾರದಿಂದ ಬರುವ ಆದಾಯವನ್ನು ತಡೆಯುವ ಉದ್ದೇಶದಿಂದ ಈ ಕ್ರಮ ಕೈಗೊಳ್ಳಲಾಗಿದೆ. ಇರಾನ್ ಇಸ್ರೇಲ್ ಮೇಲೆ ನಡೆಸಿದ ಕ್ಷಿಪಣಿ ದಾಳಿಯ ಬಳಿಕ ಅಮೆರಿಕವು ಈ ಕ್ರಮ ಕೈಗೊಂಡಿದೆ. ಮುಂಬೈ ಮೂಲದ ಗ್ಯಾಬ್ಬರೋ ಶಿಪ್ ಸರ್ವೀಸಸ್ ಸಂಸ್ಥೆಯ ಮೇಲೆ ನಿರ್ಬಂಧ ಹೇರಲಾಗಿದೆ. ಈ ಸಂಸ್ಥೆಯು ಇರಾನ್‌ನ ತೈಲ ಸಾಗಣೆಗೆ ಸಹಕರಿಸಿದೆ ಎಂದು ಅಮೆರಿಕ ಹೇಳಿದೆ. ಅಮೆರಿಕದ ಖಜಾನೆ ಇಲಾಖೆ ಈ ಬಗ್ಗೆ ಹೇಳಿಕೆ ಬಿಡುಗಡೆ ಮಾಡಿದೆ. ನಿರ್ಬಂಧದ ಅನ್ವಯ ಅಮೆರಿಕದಲ್ಲಿರುವ ಸಂಸ್ಥೆಯ ಆಸ್ತಿಗಳನ್ನು ಸ್ಥಗಿತಗೊಳಿಸಲಾಗುವುದು. ಅಮೆರಿಕದ ಪ್ರಜೆಗಳು ಈ ಸಂಸ್ಥೆಗಳೊಂದಿಗೆ ವ್ಯವಹಾರ ನಡೆಸುವುದನ್ನು ನಿಷೇಧಿಸಲಾಗಿದೆ. ಸಂಸ್ಥೆಯು 50% ಕ್ಕೂ ಅಧಿಕ ಹಡಗುಗಳನ್ನು ನಿರ್ವಹಿಸುತ್ತಿದೆ ಎಂದು ವರದಿಯಾಗಿದೆ. ಇರಾನ್‌ನ ತೈಲ ಮಾರಾಟದಿಂದ ಬರುವ ಆದಾಯ ಭಯೋತ್ಪಾದಕ ಚಟುವಟಿಕೆಗಳಿಗೆ ಬಳಕೆಯಾಗುತ್ತದೆ ಎಂದು ಅಮೆರಿಕ ಆರೋಪಿಸಿದೆ.
ಹಿಮಾಚಲ ಪ್ರದೇಶದಿಂದ ಸೇಬು ಖರೀದಿಸಬೇಡಿ
ಹೈದರಾಬಾದ್ : ಎಐಎಮ್‌ಐಎಮ್ ನಾಯಕ ಹೊರತುಪಡಿಸಿದಂತೆ ಹಿಮಾಚಲ ಪ್ರದೇಶದ ಸೇಬುಗಳನ್ನು ಖರೀದಿಸಬೇಡಿ ಎಂದು ಎಐಎಂಐಎಂ ಮುಖಂಡರೊಬ್ಬರು ಕರೆ ನೀಡಿರುವುದು ವಿವಾದಕ್ಕೆ ಕಾರಣವಾಗಿದೆ. ಹಿಮಾಚಲ ಪ್ರದೇಶದಲ್ಲಿ ಮಸೀದಿ ನಿರ್ಮಾಣ ವಿವಾದದ ಹಿನ್ನೆಲೆಯಲ್ಲಿ ಈ ಕರೆ ನೀಡಲಾಗಿದೆ. ಮುಸ್ಲಿಮರು ಹಿಮಾಚಲ ಪ್ರದೇಶದ ಸೇಬುಗಳನ್ನು ಬಹಿಷ್ಕರಿಸಬೇಕು ಎಂದು ಅವರು ಹೇಳಿದ್ದಾರೆ. ಇದರಿಂದ ವ್ಯಾಪಾರಿಗಳ ನಡುವೆ ಆತಂಕ ಉಂಟಾಗಿದೆ. ಸೇಬು ಮಾರಾಟಗಾರರು ಈ ನಿರ್ಧಾರದಿಂದ ನಷ್ಟ ಅನುಭವಿಸಲಿದ್ದಾರೆ. ಕೇರಳ 80% ರಷ್ಟು ಸೇಬುಗಳು ಹಿಮಾಚಲದಿಂದ ಬರುತ್ತವೆ. ಈ ಬಗ್ಗೆ ಪೊಲೀಸರು ಪ್ರಕರಣ ದಾಖಲಿಸಿಕೊಂಡು ತನಿಖೆ ನಡೆಸುತ್ತಿದ್ದಾರೆ. ಈ ವಿಡಿಯೋ ಸಾಮಾಜಿಕ ಜಾಲತಾಣಗಳಲ್ಲಿ ವೈರಲ್ ಆಗಿದೆ. ಬಹಿಷ್ಕಾರದ ಕರೆ ನೀಡಿದ ವ್ಯಕ್ತಿಯ ವಿರುದ್ಧ ಕ್ರಮ ಕೈಗೊಳ್ಳುವಂತೆ ಒತ್ತಾಯಿಸಲಾಗಿದೆ.
